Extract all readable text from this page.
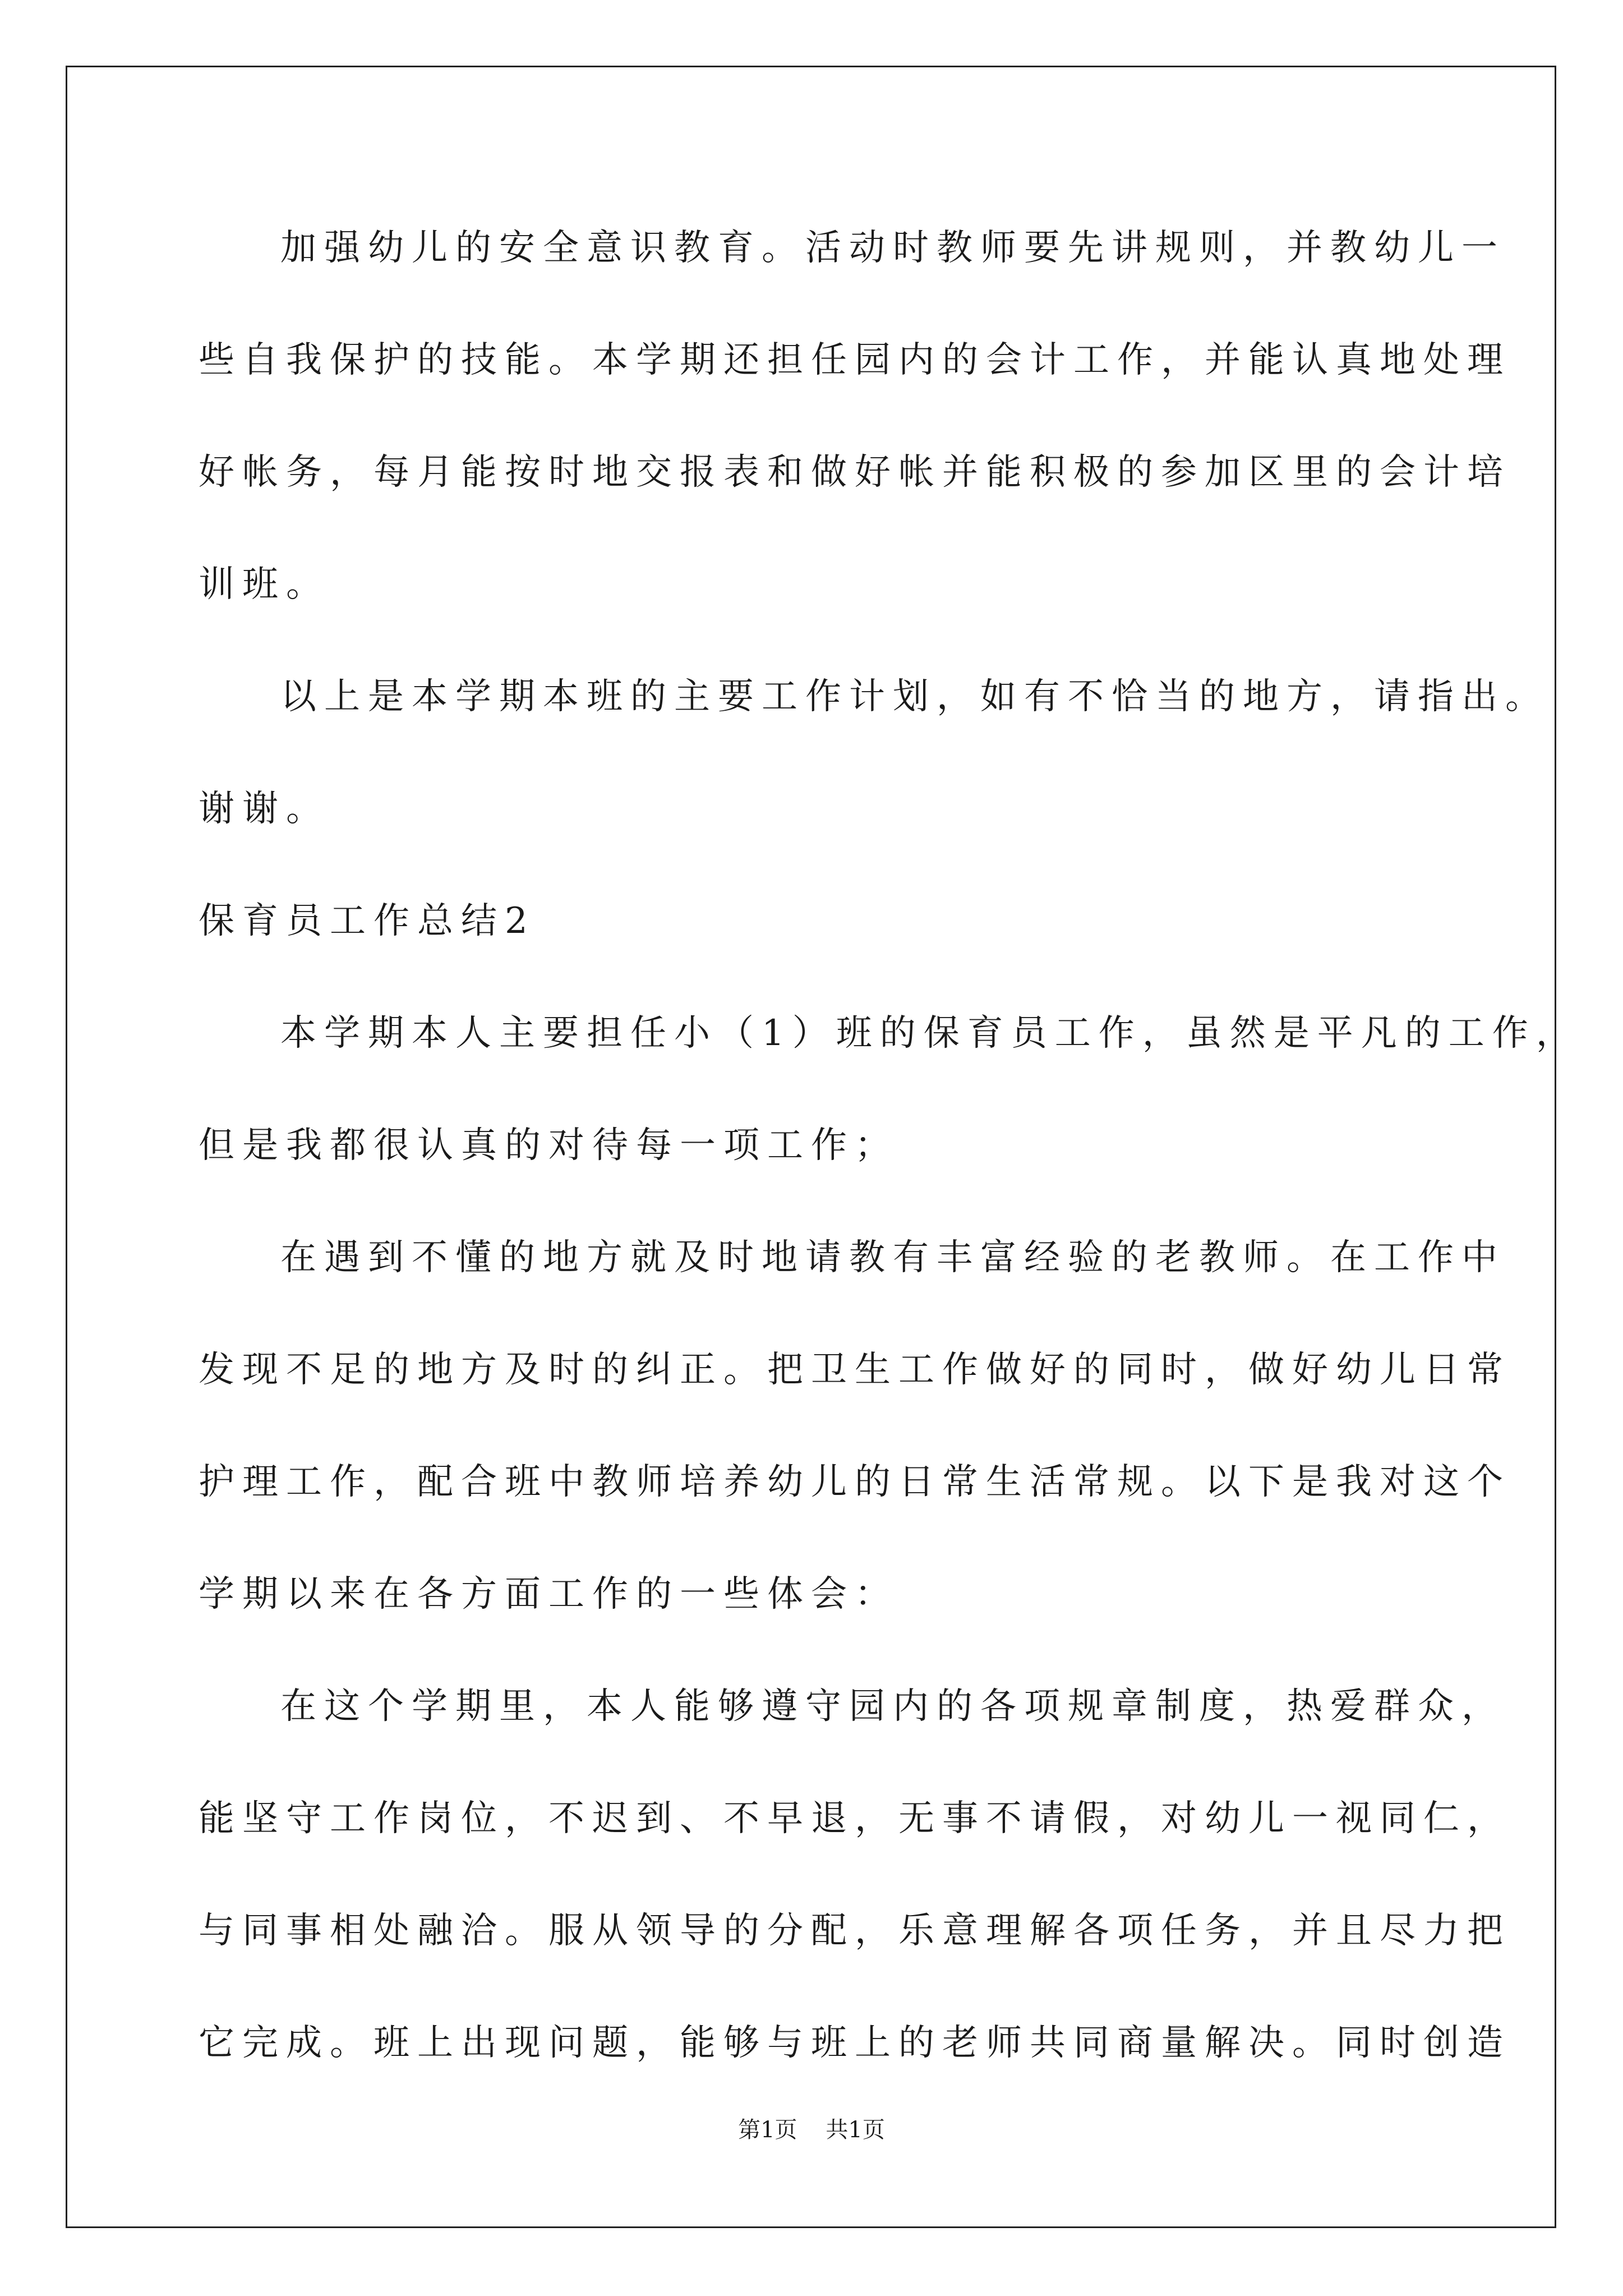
加强幼儿的安全意识教育。活动时教师要先讲规则，并教幼儿一
些自我保护的技能。本学期还担任园内的会计工作，并能认真地处理
好帐务，每月能按时地交报表和做好帐并能积极的参加区里的会计培
训班。
以上是本学期本班的主要工作计划，如有不恰当的地方，请指出。
谢谢。
保育员工作总结2
本学期本人主要担任小（1）班的保育员工作，虽然是平凡的工作，
但是我都很认真的对待每一项工作；
在遇到不懂的地方就及时地请教有丰富经验的老教师。在工作中
发现不足的地方及时的纠正。把卫生工作做好的同时，做好幼儿日常
护理工作，配合班中教师培养幼儿的日常生活常规。以下是我对这个
学期以来在各方面工作的一些体会：
在这个学期里，本人能够遵守园内的各项规章制度，热爱群众，
能坚守工作岗位，不迟到、不早退，无事不请假，对幼儿一视同仁，
与同事相处融洽。服从领导的分配，乐意理解各项任务，并且尽力把
它完成。班上出现问题，能够与班上的老师共同商量解决。同时创造
第1页 共1页
